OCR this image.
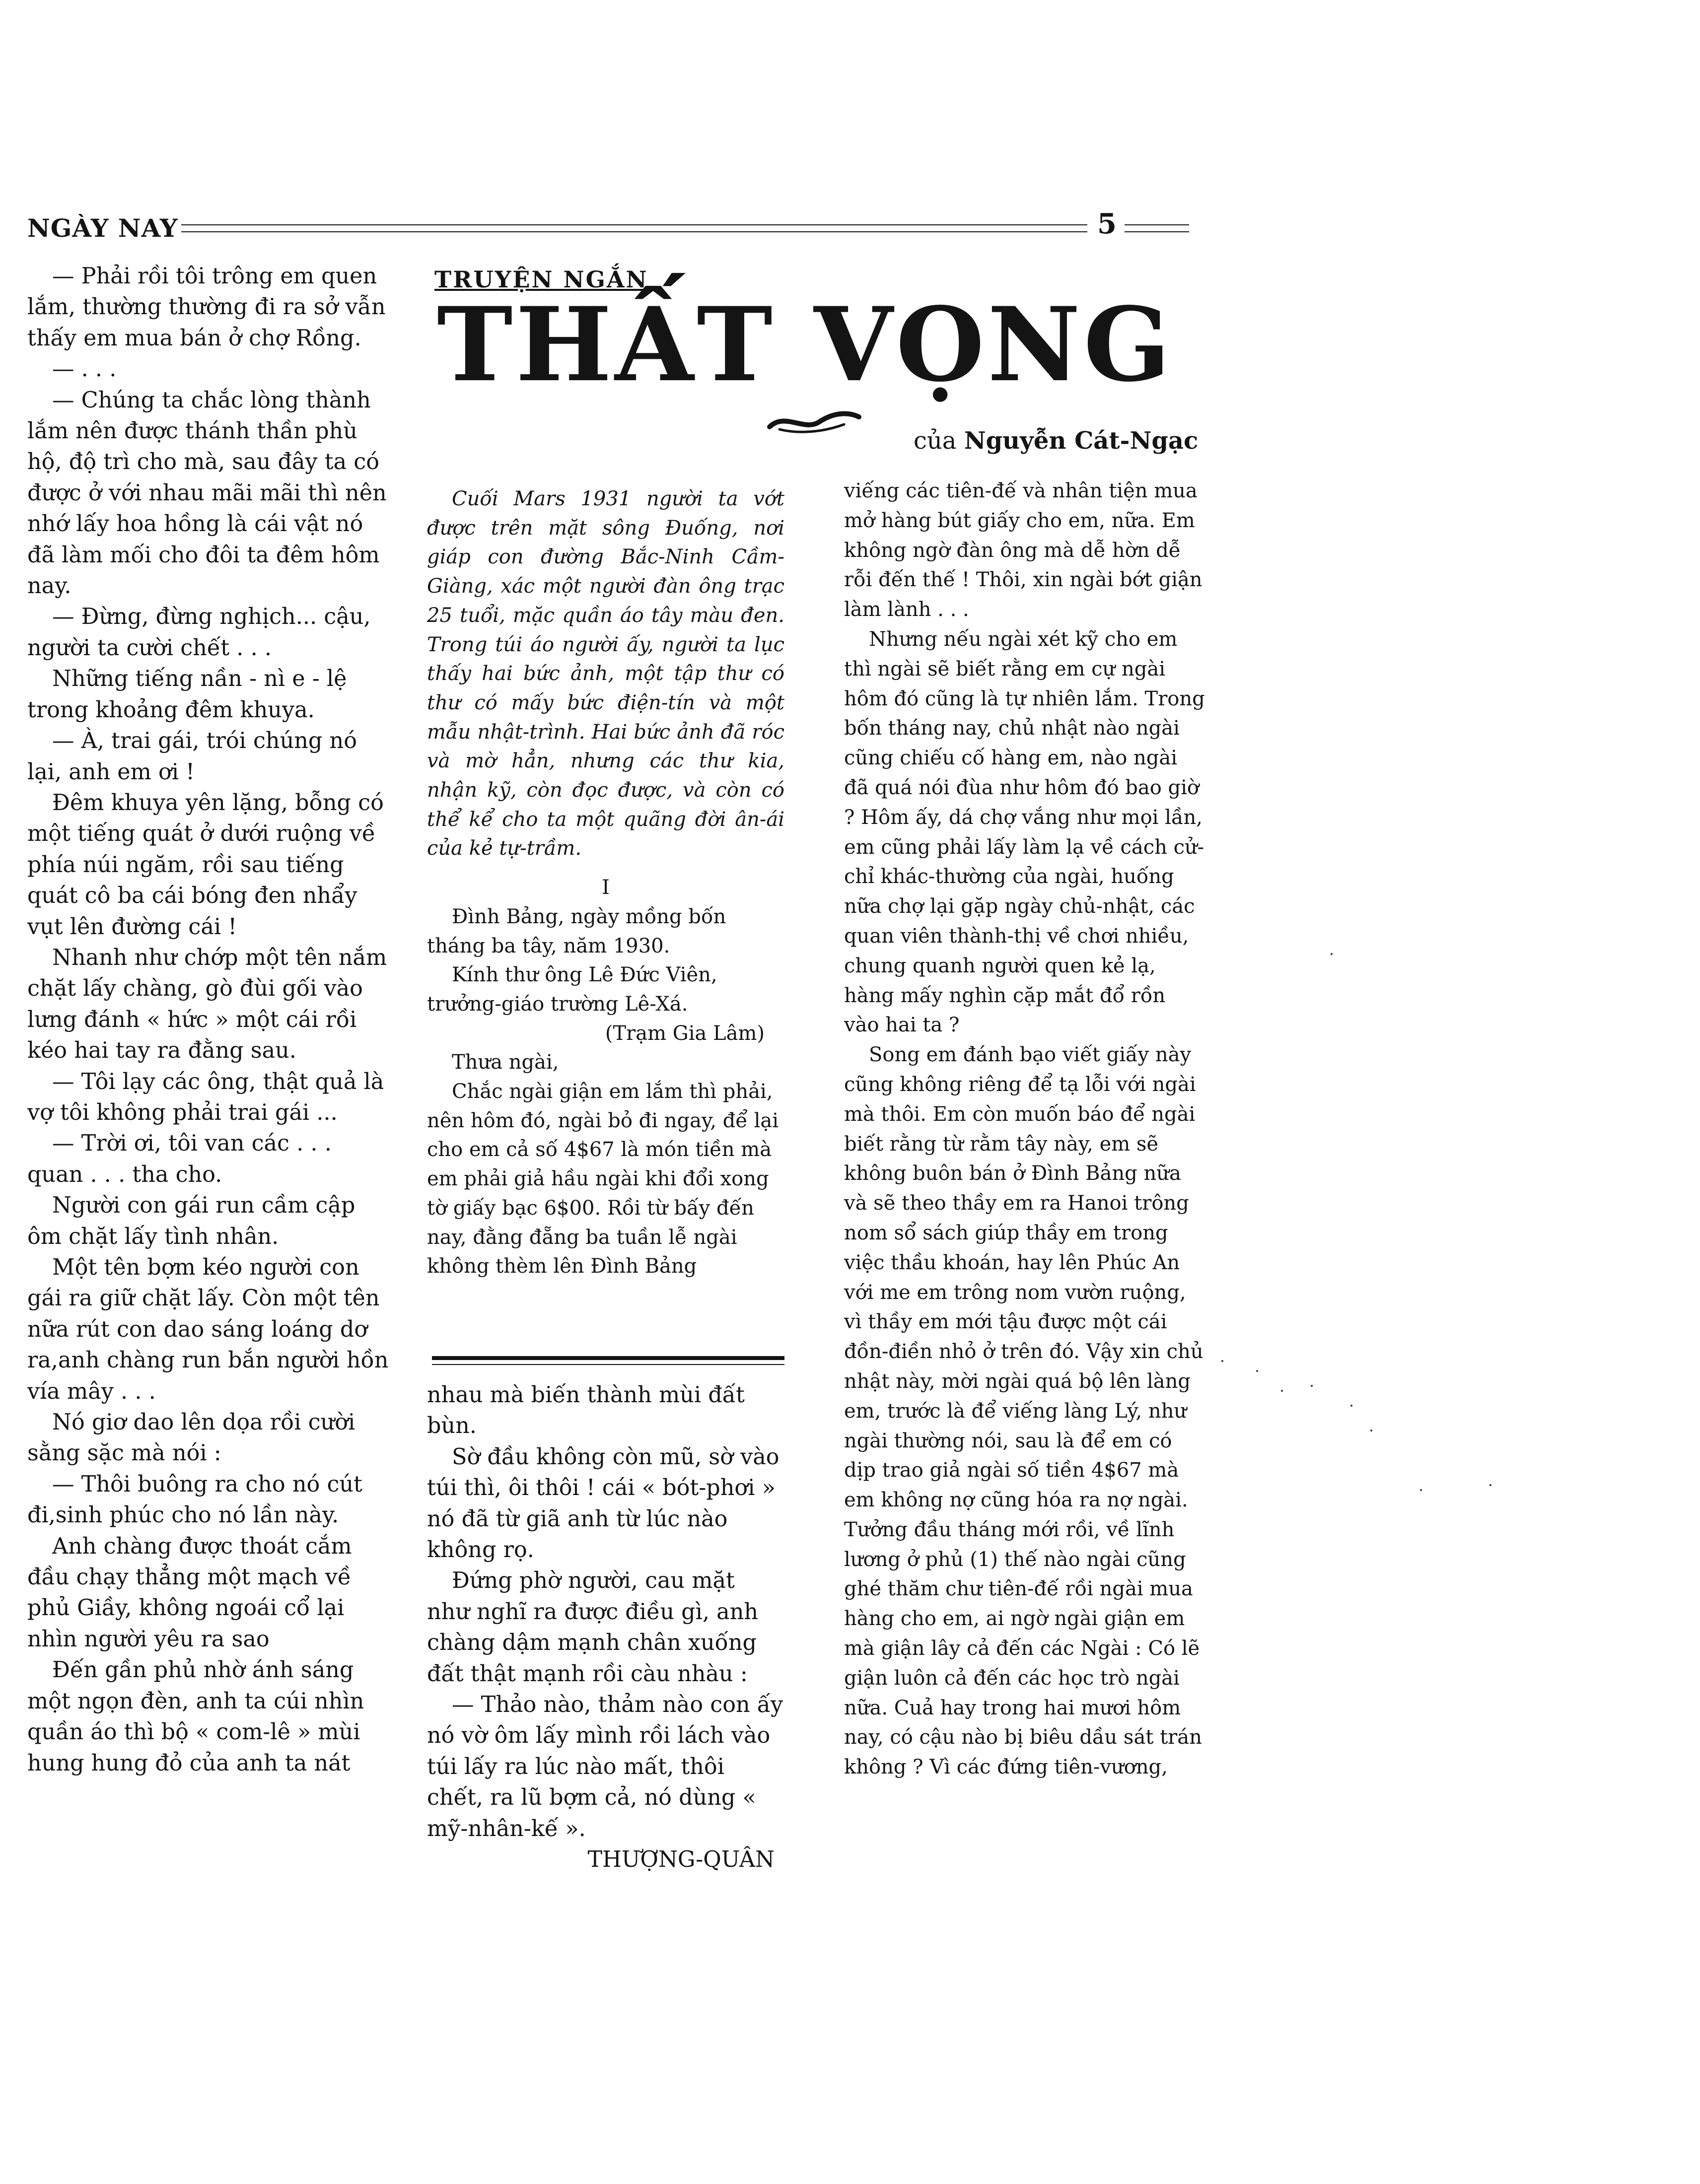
NGÀY NAY	5

— Phải rồi tôi trông em quen lắm, thường thường đi ra sở vẫn thấy em mua bán ở chợ Rồng.

— . . .

— Chúng ta chắc lòng thành lắm nên được thánh thần phù hộ, độ trì cho mà, sau đây ta có được ở với nhau mãi mãi thì nên nhớ lấy hoa hồng là cái vật nó đã làm mối cho đôi ta đêm hôm nay.

— Đừng, đừng nghịch... cậu, người ta cười chết . . .

Những tiếng nần - nì e - lệ trong khoảng đêm khuya.

— À, trai gái, trói chúng nó lại, anh em ơi !

Đêm khuya yên lặng, bỗng có một tiếng quát ở dưới ruộng về phía núi ngăm, rồi sau tiếng quát cô ba cái bóng đen nhẩy vụt lên đường cái !

Nhanh như chớp một tên nắm chặt lấy chàng, gò đùi gối vào lưng đánh « hức » một cái rồi kéo hai tay ra đằng sau.

— Tôi lạy các ông, thật quả là vợ tôi không phải trai gái ...

— Trời ơi, tôi van các . . . quan . . . tha cho.

Người con gái run cầm cập ôm chặt lấy tình nhân.

Một tên bợm kéo người con gái ra giữ chặt lấy. Còn một tên nữa rút con dao sáng loáng dơ ra,anh chàng run bắn người hồn vía mây . . .

Nó giơ dao lên dọa rồi cười sằng sặc mà nói :

— Thôi buông ra cho nó cút đi,sinh phúc cho nó lần này.

Anh chàng được thoát cắm đầu chạy thẳng một mạch về phủ Giầy, không ngoái cổ lại nhìn người yêu ra sao

Đến gần phủ nhờ ánh sáng một ngọn đèn, anh ta cúi nhìn quần áo thì bộ « com-lê » mùi hung hung đỏ của anh ta nát

TRUYỆN NGẮN
THẤT VỌNG
của Nguyễn Cát-Ngạc

Cuối Mars 1931 người ta vớt được trên mặt sông Đuống, nơi giáp con đường Bắc-Ninh Cầm-Giàng, xác một người đàn ông trạc 25 tuổi, mặc quần áo tây màu đen. Trong túi áo người ấy, người ta lục thấy hai bức ảnh, một tập thư có thư có mấy bức điện-tín và một mẫu nhật-trình. Hai bức ảnh đã róc và mờ hẳn, nhưng các thư kia, nhận kỹ, còn đọc được, và còn có thể kể cho ta một quãng đời ân-ái của kẻ tự-trầm.

I

Đình Bảng, ngày mồng bốn tháng ba tây, năm 1930.

Kính thư ông Lê Đức Viên, trưởng-giáo trường Lê-Xá.

(Trạm Gia Lâm)

Thưa ngài,

Chắc ngài giận em lắm thì phải, nên hôm đó, ngài bỏ đi ngay, để lại cho em cả số 4$67 là món tiền mà em phải giả hầu ngài khi đổi xong tờ giấy bạc 6$00. Rồi từ bấy đến nay, đằng đẵng ba tuần lễ ngài không thèm lên Đình Bảng

nhau mà biến thành mùi đất bùn.

Sờ đầu không còn mũ, sờ vào túi thì, ôi thôi ! cái « bót-phơi » nó đã từ giã anh từ lúc nào không rọ.

Đứng phờ người, cau mặt như nghĩ ra được điều gì, anh chàng dậm mạnh chân xuống đất thật mạnh rồi càu nhàu :

— Thảo nào, thảm nào con ấy nó vờ ôm lấy mình rồi lách vào túi lấy ra lúc nào mất, thôi chết, ra lũ bợm cả, nó dùng « mỹ-nhân-kế ».

THƯỢNG-QUÂN

viếng các tiên-đế và nhân tiện mua mở hàng bút giấy cho em, nữa. Em không ngờ đàn ông mà dễ hờn dễ rỗi đến thế ! Thôi, xin ngài bớt giận làm lành . . .

Nhưng nếu ngài xét kỹ cho em thì ngài sẽ biết rằng em cự ngài hôm đó cũng là tự nhiên lắm. Trong bốn tháng nay, chủ nhật nào ngài cũng chiếu cố hàng em, nào ngài đã quá nói đùa như hôm đó bao giờ ? Hôm ấy, dá chợ vắng như mọi lần, em cũng phải lấy làm lạ về cách cử-chỉ khác-thường của ngài, huống nữa chợ lại gặp ngày chủ-nhật, các quan viên thành-thị về chơi nhiều, chung quanh người quen kẻ lạ, hàng mấy nghìn cặp mắt đổ rồn vào hai ta ?

Song em đánh bạo viết giấy này cũng không riêng để tạ lỗi với ngài mà thôi. Em còn muốn báo để ngài biết rằng từ rằm tây này, em sẽ không buôn bán ở Đình Bảng nữa và sẽ theo thầy em ra Hanoi trông nom sổ sách giúp thầy em trong việc thầu khoán, hay lên Phúc An với me em trông nom vườn ruộng, vì thầy em mới tậu được một cái đồn-điền nhỏ ở trên đó. Vậy xin chủ nhật này, mời ngài quá bộ lên làng em, trước là để viếng làng Lý, như ngài thường nói, sau là để em có dịp trao giả ngài số tiền 4$67 mà em không nợ cũng hóa ra nợ ngài. Tưởng đầu tháng mới rồi, về lĩnh lương ở phủ (1) thế nào ngài cũng ghé thăm chư tiên-đế rồi ngài mua hàng cho em, ai ngờ ngài giận em mà giận lây cả đến các Ngài : Có lẽ giận luôn cả đến các học trò ngài nữa. Cuả hay trong hai mươi hôm nay, có cậu nào bị biêu dầu sát trán không ? Vì các đứng tiên-vương,
